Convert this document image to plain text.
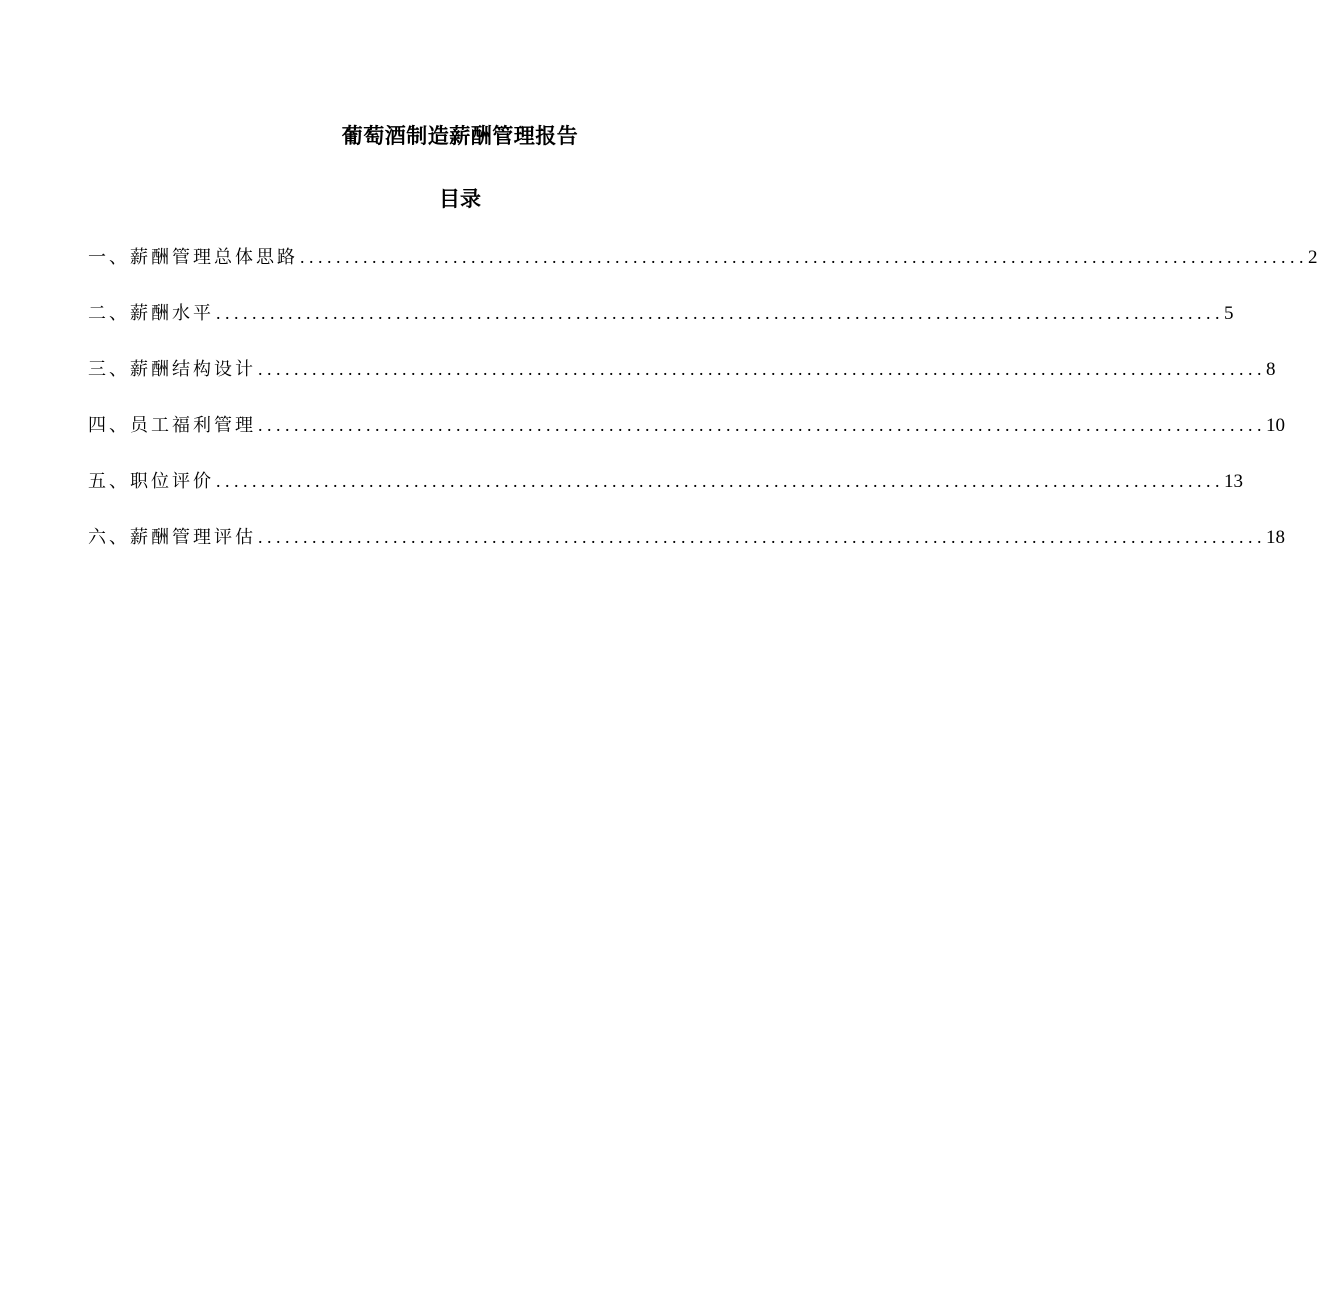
葡萄酒制造薪酬管理报告
目录
一、薪酬管理总体思路 ................................................................................................................ 2
二、薪酬水平 ................................................................................................................ 5
三、薪酬结构设计 ................................................................................................................ 8
四、员工福利管理 ................................................................................................................ 10
五、职位评价 ................................................................................................................ 13
六、薪酬管理评估 ................................................................................................................ 18
